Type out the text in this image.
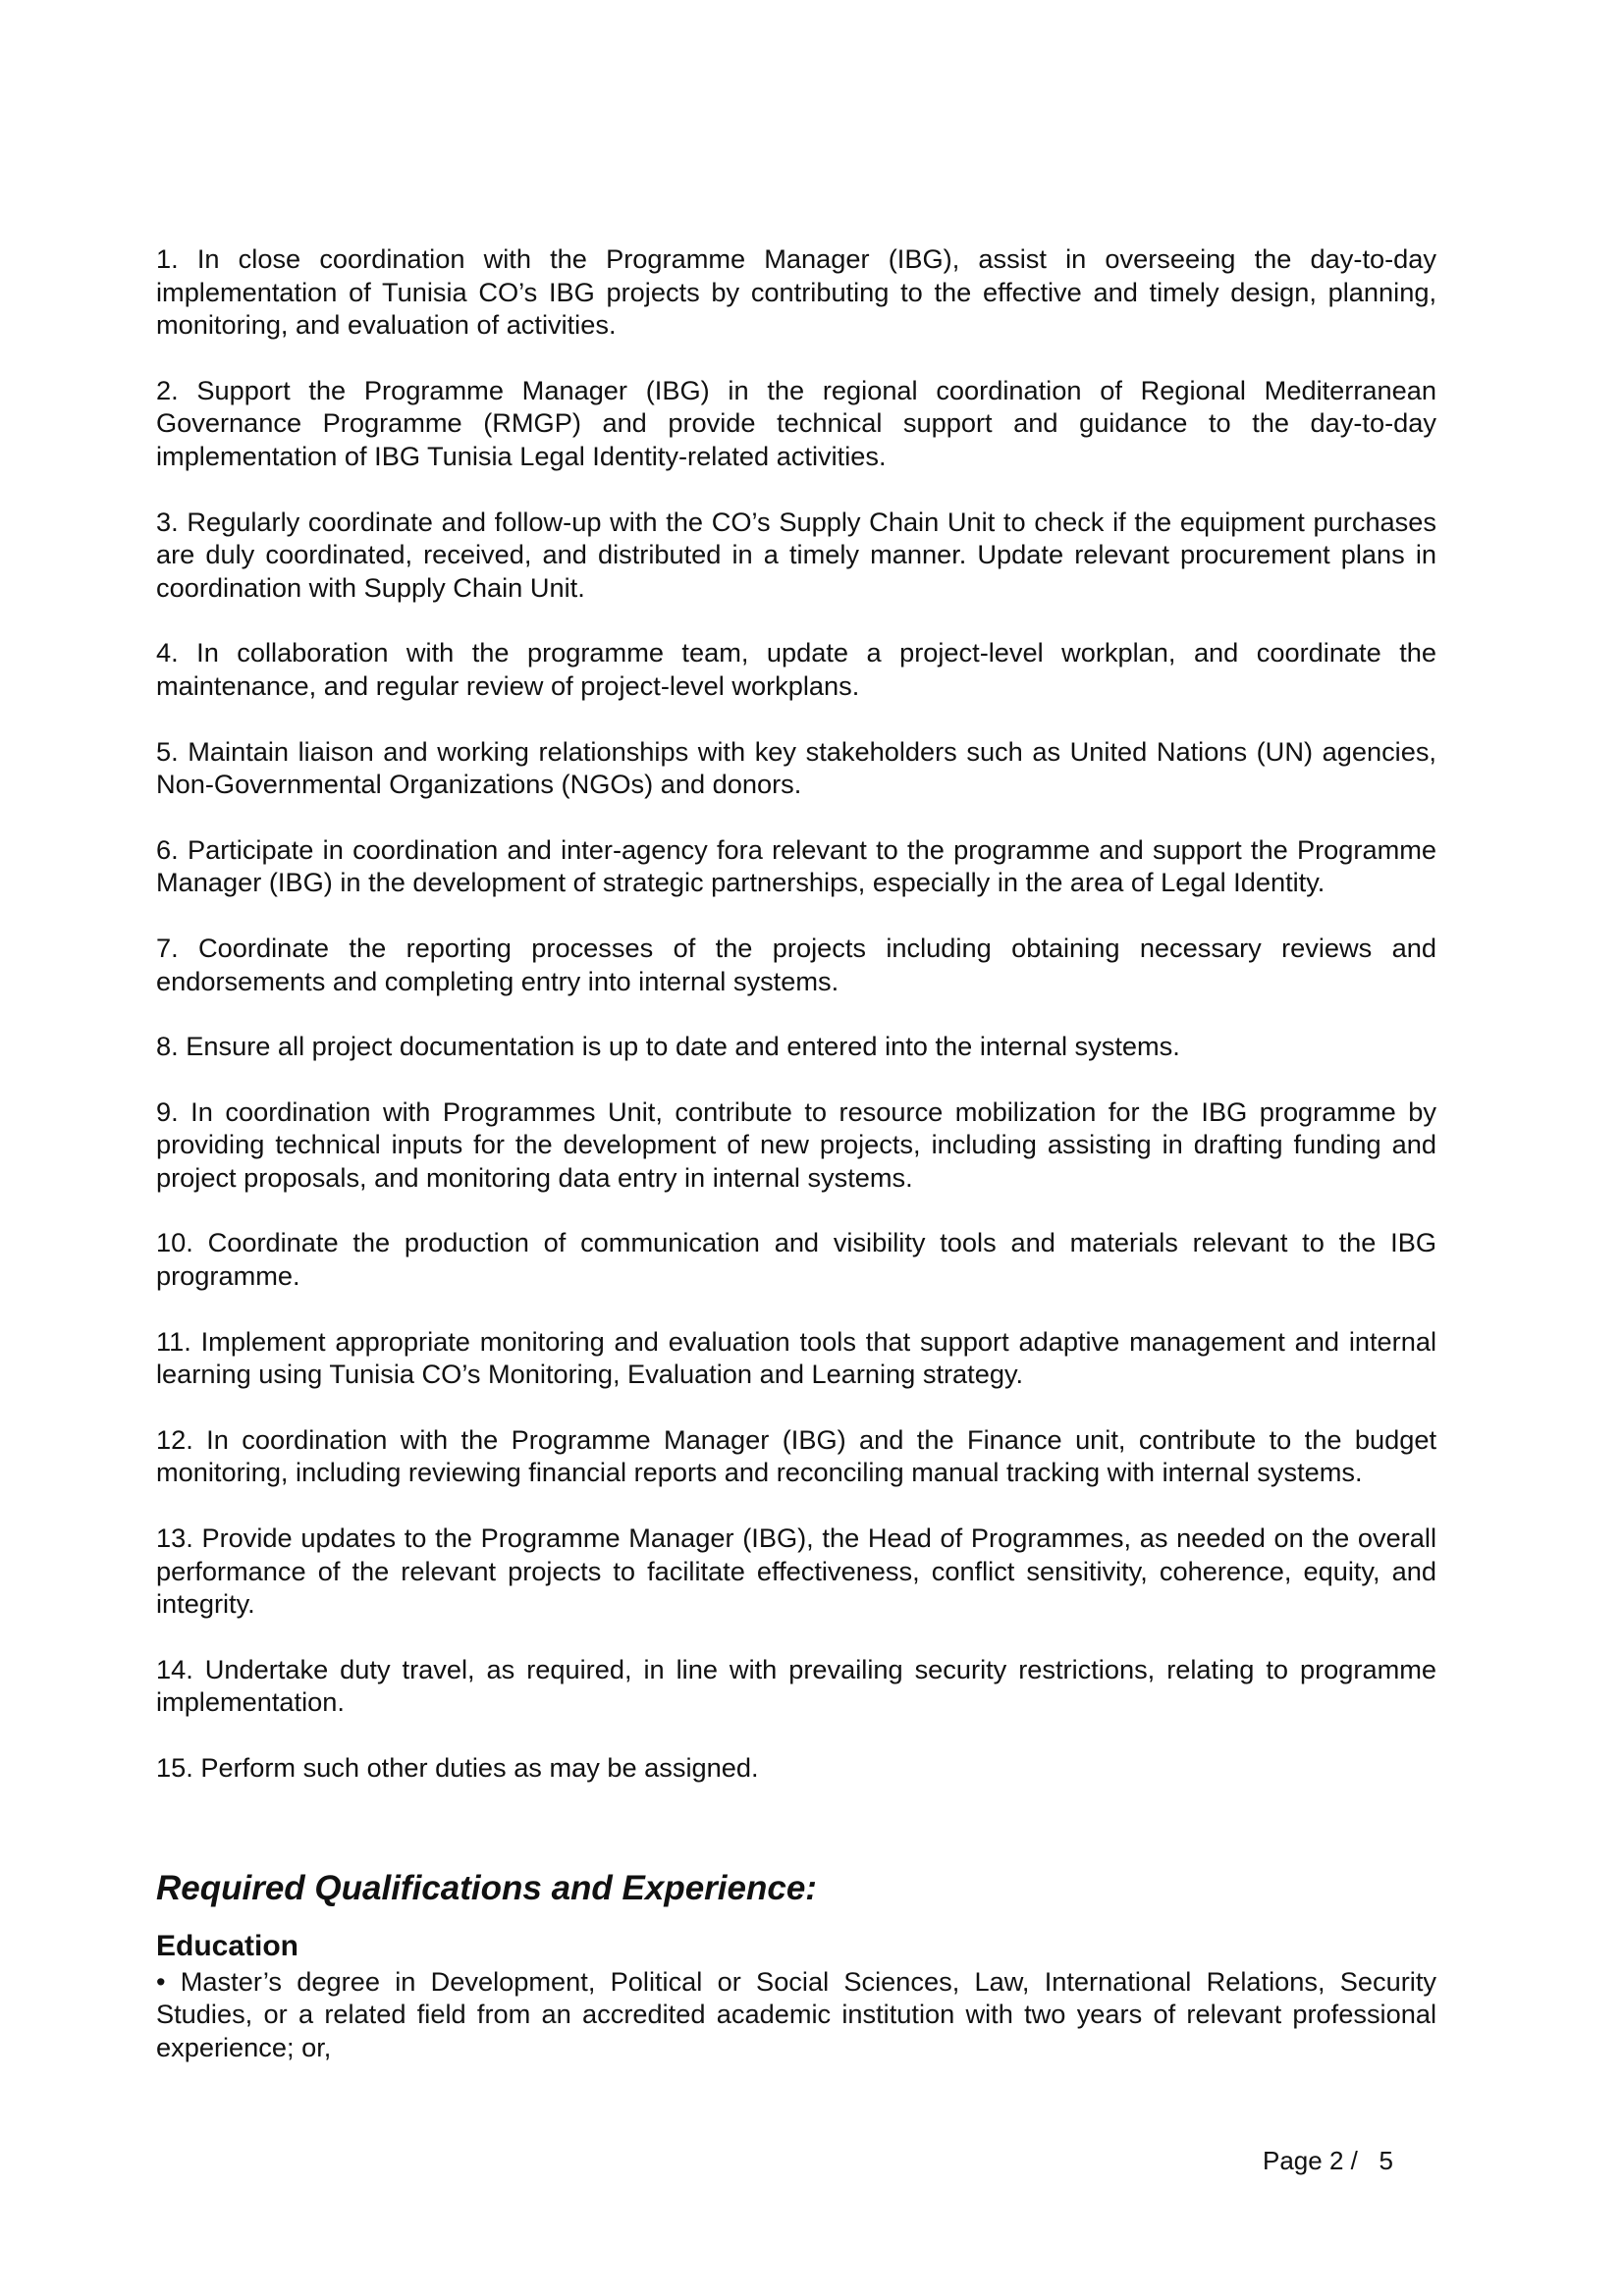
1. In close coordination with the Programme Manager (IBG), assist in overseeing the day-to-day implementation of Tunisia CO’s IBG projects by contributing to the effective and timely design, planning, monitoring, and evaluation of activities.

2. Support the Programme Manager (IBG) in the regional coordination of Regional Mediterranean Governance Programme (RMGP) and provide technical support and guidance to the day-to-day implementation of IBG Tunisia Legal Identity-related activities.

3. Regularly coordinate and follow-up with the CO’s Supply Chain Unit to check if the equipment purchases are duly coordinated, received, and distributed in a timely manner. Update relevant procurement plans in coordination with Supply Chain Unit.

4. In collaboration with the programme team, update a project-level workplan, and coordinate the maintenance, and regular review of project-level workplans.

5. Maintain liaison and working relationships with key stakeholders such as United Nations (UN) agencies, Non-Governmental Organizations (NGOs) and donors.

6. Participate in coordination and inter-agency fora relevant to the programme and support the Programme Manager (IBG) in the development of strategic partnerships, especially in the area of Legal Identity.

7. Coordinate the reporting processes of the projects including obtaining necessary reviews and endorsements and completing entry into internal systems.

8. Ensure all project documentation is up to date and entered into the internal systems.

9. In coordination with Programmes Unit, contribute to resource mobilization for the IBG programme by providing technical inputs for the development of new projects, including assisting in drafting funding and project proposals, and monitoring data entry in internal systems.

10. Coordinate the production of communication and visibility tools and materials relevant to the IBG programme.

11. Implement appropriate monitoring and evaluation tools that support adaptive management and internal learning using Tunisia CO’s Monitoring, Evaluation and Learning strategy.

12. In coordination with the Programme Manager (IBG) and the Finance unit, contribute to the budget monitoring, including reviewing financial reports and reconciling manual tracking with internal systems.

13. Provide updates to the Programme Manager (IBG), the Head of Programmes, as needed on the overall performance of the relevant projects to facilitate effectiveness, conflict sensitivity, coherence, equity, and integrity.

14. Undertake duty travel, as required, in line with prevailing security restrictions, relating to programme implementation.

15. Perform such other duties as may be assigned.

Required Qualifications and Experience:
Education

• Master’s degree in Development, Political or Social Sciences, Law, International Relations, Security Studies, or a related field from an accredited academic institution with two years of relevant professional experience; or,

Page 2 /   5
